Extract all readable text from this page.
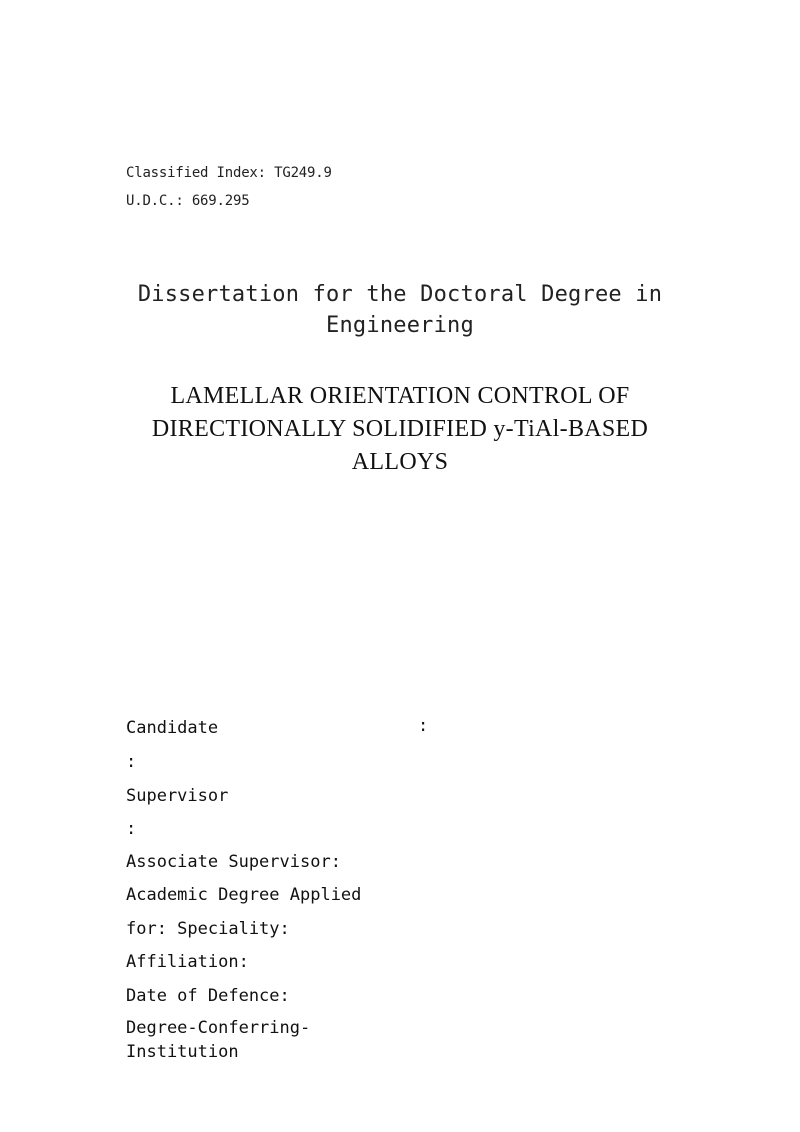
Classified Index: TG249.9
U.D.C.: 669.295
Dissertation for the Doctoral Degree in
Engineering
LAMELLAR ORIENTATION CONTROL OF
DIRECTIONALLY SOLIDIFIED y-TiAl-BASED
ALLOYS
Candidate	:
:
Supervisor
:
Associate Supervisor:
Academic Degree Applied
for: Speciality:
Affiliation:
Date of Defence:
Degree-Conferring-
Institution
